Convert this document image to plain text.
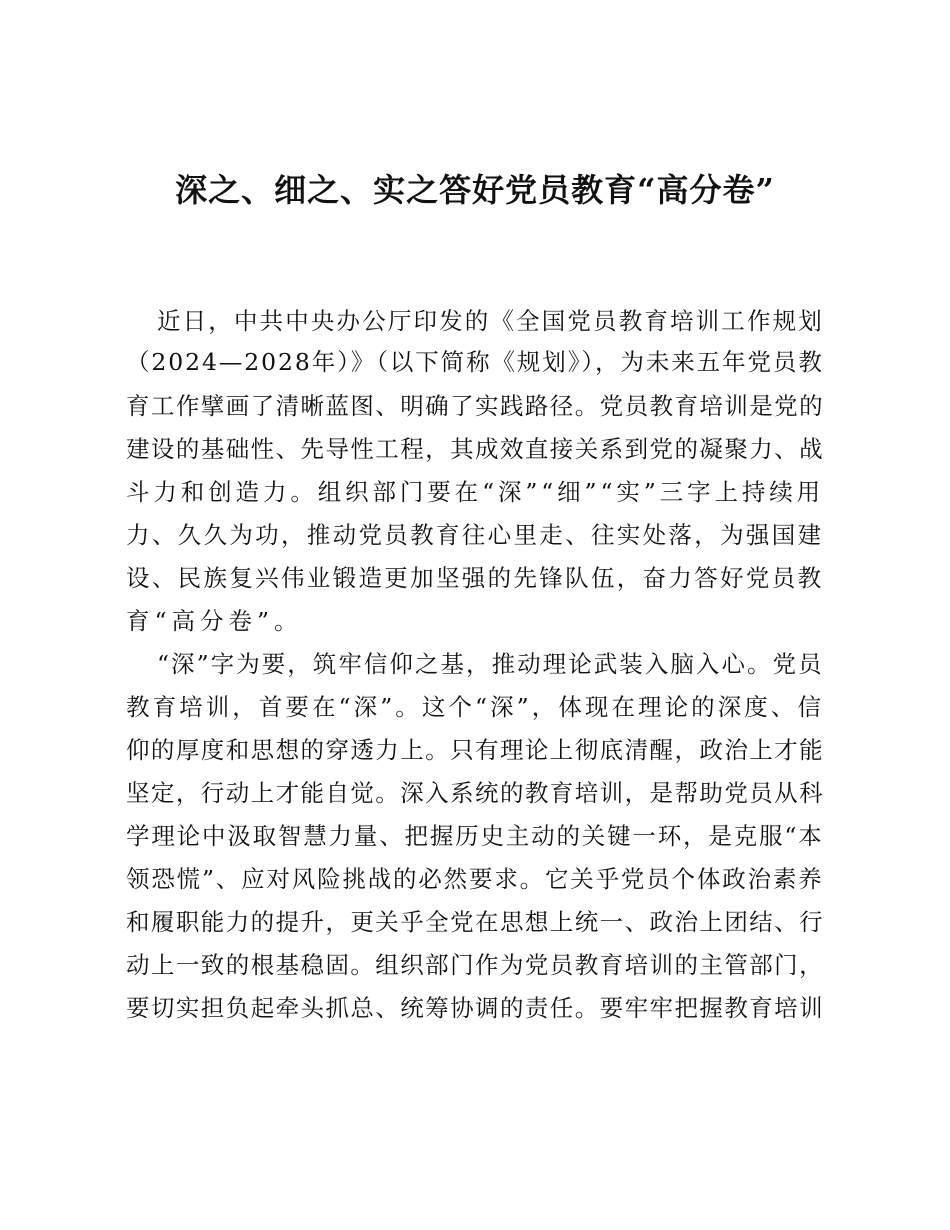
深之、细之、实之答好党员教育“高分卷”
近日，中共中央办公厅印发的《全国党员教育培训工作规划
（2024—2028年）》（以下简称《规划》），为未来五年党员教
育工作擘画了清晰蓝图、明确了实践路径。党员教育培训是党的
建设的基础性、先导性工程，其成效直接关系到党的凝聚力、战
斗力和创造力。组织部门要在“深”“细”“实”三字上持续用
力、久久为功，推动党员教育往心里走、往实处落，为强国建
设、民族复兴伟业锻造更加坚强的先锋队伍，奋力答好党员教
育“高分卷”。
“深”字为要，筑牢信仰之基，推动理论武装入脑入心。党员
教育培训，首要在“深”。这个“深”，体现在理论的深度、信
仰的厚度和思想的穿透力上。只有理论上彻底清醒，政治上才能
坚定，行动上才能自觉。深入系统的教育培训，是帮助党员从科
学理论中汲取智慧力量、把握历史主动的关键一环，是克服“本
领恐慌”、应对风险挑战的必然要求。它关乎党员个体政治素养
和履职能力的提升，更关乎全党在思想上统一、政治上团结、行
动上一致的根基稳固。组织部门作为党员教育培训的主管部门，
要切实担负起牵头抓总、统筹协调的责任。要牢牢把握教育培训
